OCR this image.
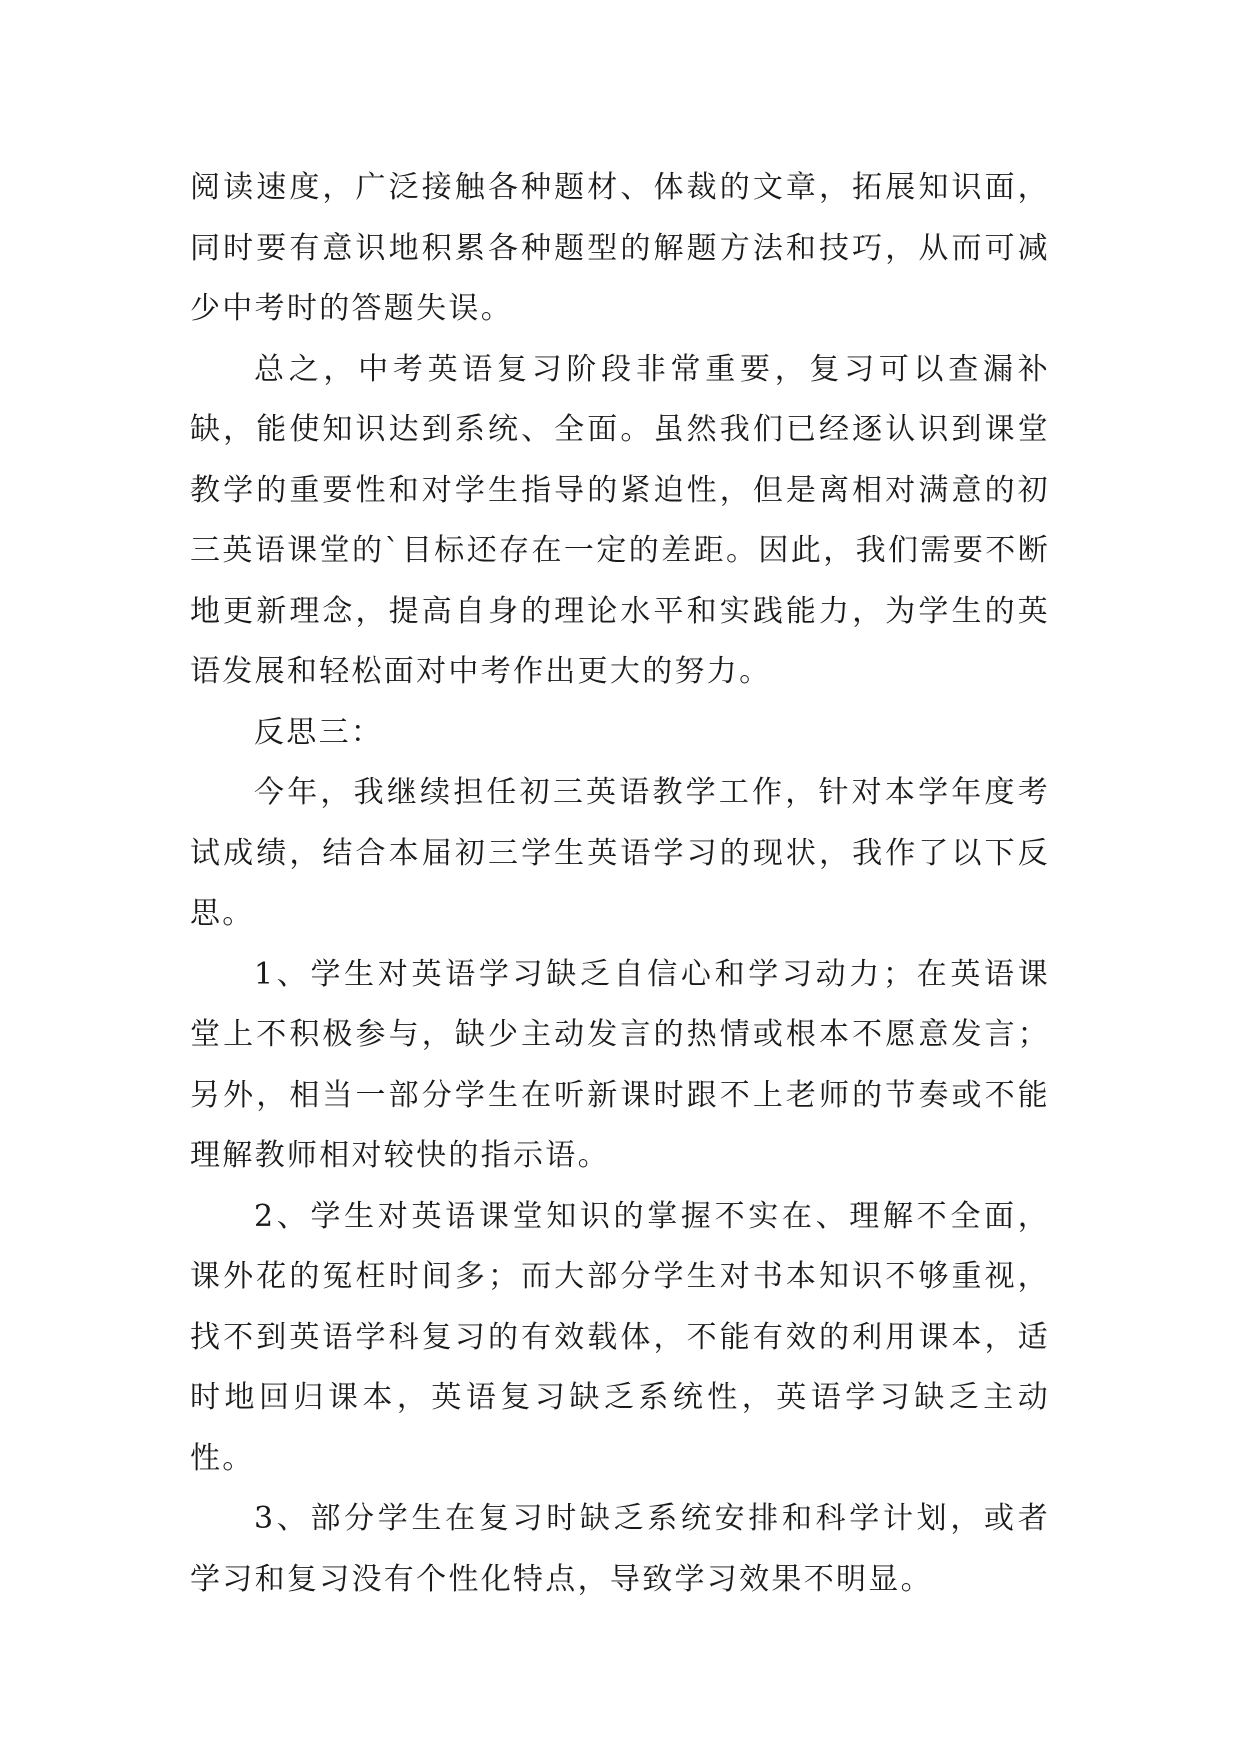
阅读速度，广泛接触各种题材、体裁的文章，拓展知识面，同时要有意识地积累各种题型的解题方法和技巧，从而可减少中考时的答题失误。

总之，中考英语复习阶段非常重要，复习可以查漏补缺，能使知识达到系统、全面。虽然我们已经逐认识到课堂教学的重要性和对学生指导的紧迫性，但是离相对满意的初三英语课堂的`目标还存在一定的差距。因此，我们需要不断地更新理念，提高自身的理论水平和实践能力，为学生的英语发展和轻松面对中考作出更大的努力。

反思三：

今年，我继续担任初三英语教学工作，针对本学年度考试成绩，结合本届初三学生英语学习的现状，我作了以下反思。

1、学生对英语学习缺乏自信心和学习动力；在英语课堂上不积极参与，缺少主动发言的热情或根本不愿意发言；另外，相当一部分学生在听新课时跟不上老师的节奏或不能理解教师相对较快的指示语。

2、学生对英语课堂知识的掌握不实在、理解不全面，课外花的冤枉时间多；而大部分学生对书本知识不够重视，找不到英语学科复习的有效载体，不能有效的利用课本，适时地回归课本，英语复习缺乏系统性，英语学习缺乏主动性。

3、部分学生在复习时缺乏系统安排和科学计划，或者学习和复习没有个性化特点，导致学习效果不明显。
